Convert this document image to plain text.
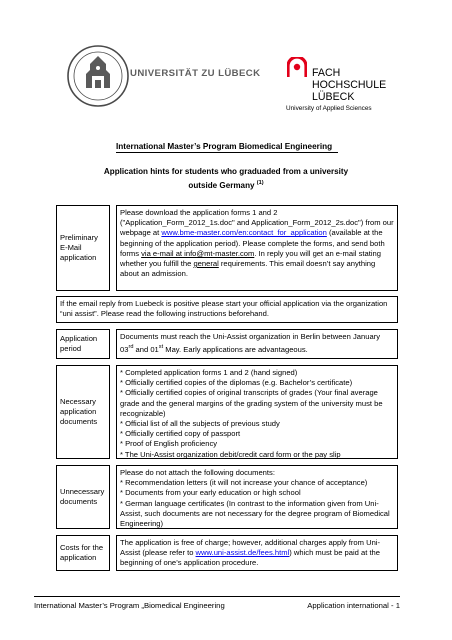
UNIVERSITÄT ZU LÜBECK	FACH
HOCHSCHULE
LÜBECK
University of Applied Sciences
International Master’s Program Biomedical Engineering
Application hints for students who graduaded from a university
outside Germany $^{(1)}$
Preliminary E-Mail application
Please download the application forms 1 and 2 ("Application_Form_2012_1s.doc" and Application_Form_2012_2s.doc") from our webpage at www.bme-master.com/en:contact_for_application (available at the beginning of the application period). Please complete the forms, and send both forms via e-mail at info@mt-master.com. In reply you will get an e-mail stating whether you fulfill the general requirements. This email doesn’t say anything about an admission.
If the email reply from Luebeck is positive please start your official application via the organization “uni assist”. Please read the following instructions beforehand.
Application period
Documents must reach the Uni-Assist organization in Berlin between January 03rd and 01st May. Early applications are advantageous.
Necessary application documents
* Completed application forms 1 and 2 (hand signed)
* Officially certified copies of the diplomas (e.g. Bachelor’s certificate)
* Officially certified copies of original transcripts of grades (Your final average grade and the general margins of the grading system of the university must be recognizable)
* Official list of all the subjects of previous study
* Officially certified copy of passport
* Proof of English proficiency
* The Uni-Assist organization debit/credit card form or the pay slip
Unnecessary documents
Please do not attach the following documents:
* Recommendation letters (it will not increase your chance of acceptance)
* Documents from your early education or high school
* German language certificates (In contrast to the information given from Uni-Assist, such documents are not necessary for the degree program of Biomedical Engineering)
Costs for the application
The application is free of charge; however, additional charges apply from Uni-Assist (please refer to www.uni-assist.de/fees.html) which must be paid at the beginning of one’s application procedure.
International Master’s Program „Biomedical Engineering	Application international - 1
